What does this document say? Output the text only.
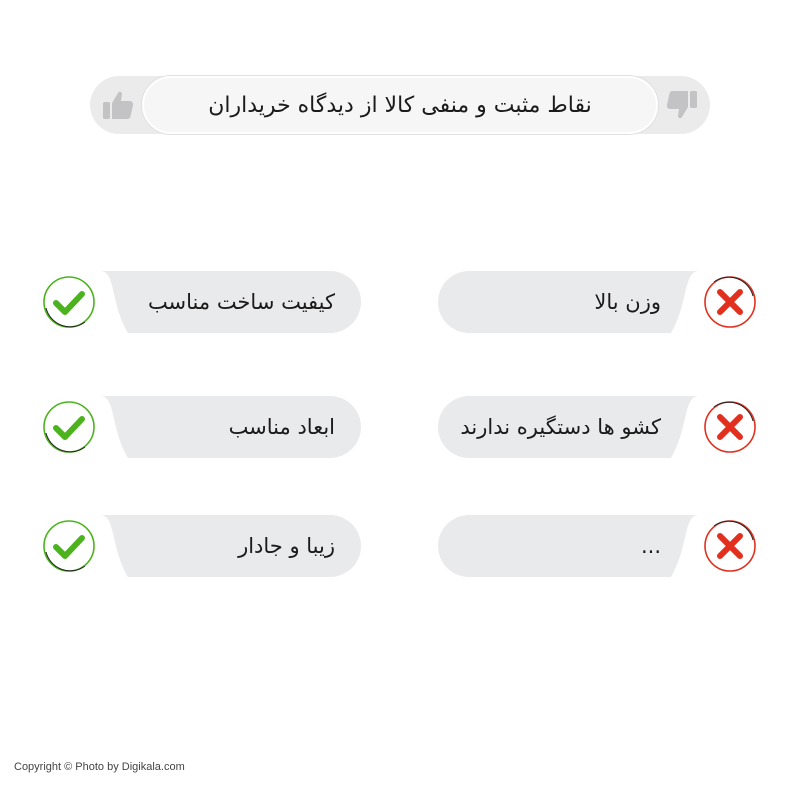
نقاط مثبت و منفی کالا از دیدگاه خریداران
کیفیت ساخت مناسب
ابعاد مناسب
زیبا و جادار
وزن بالا
کشو ها دستگیره ندارند
...
Copyright © Photo by Digikala.com
